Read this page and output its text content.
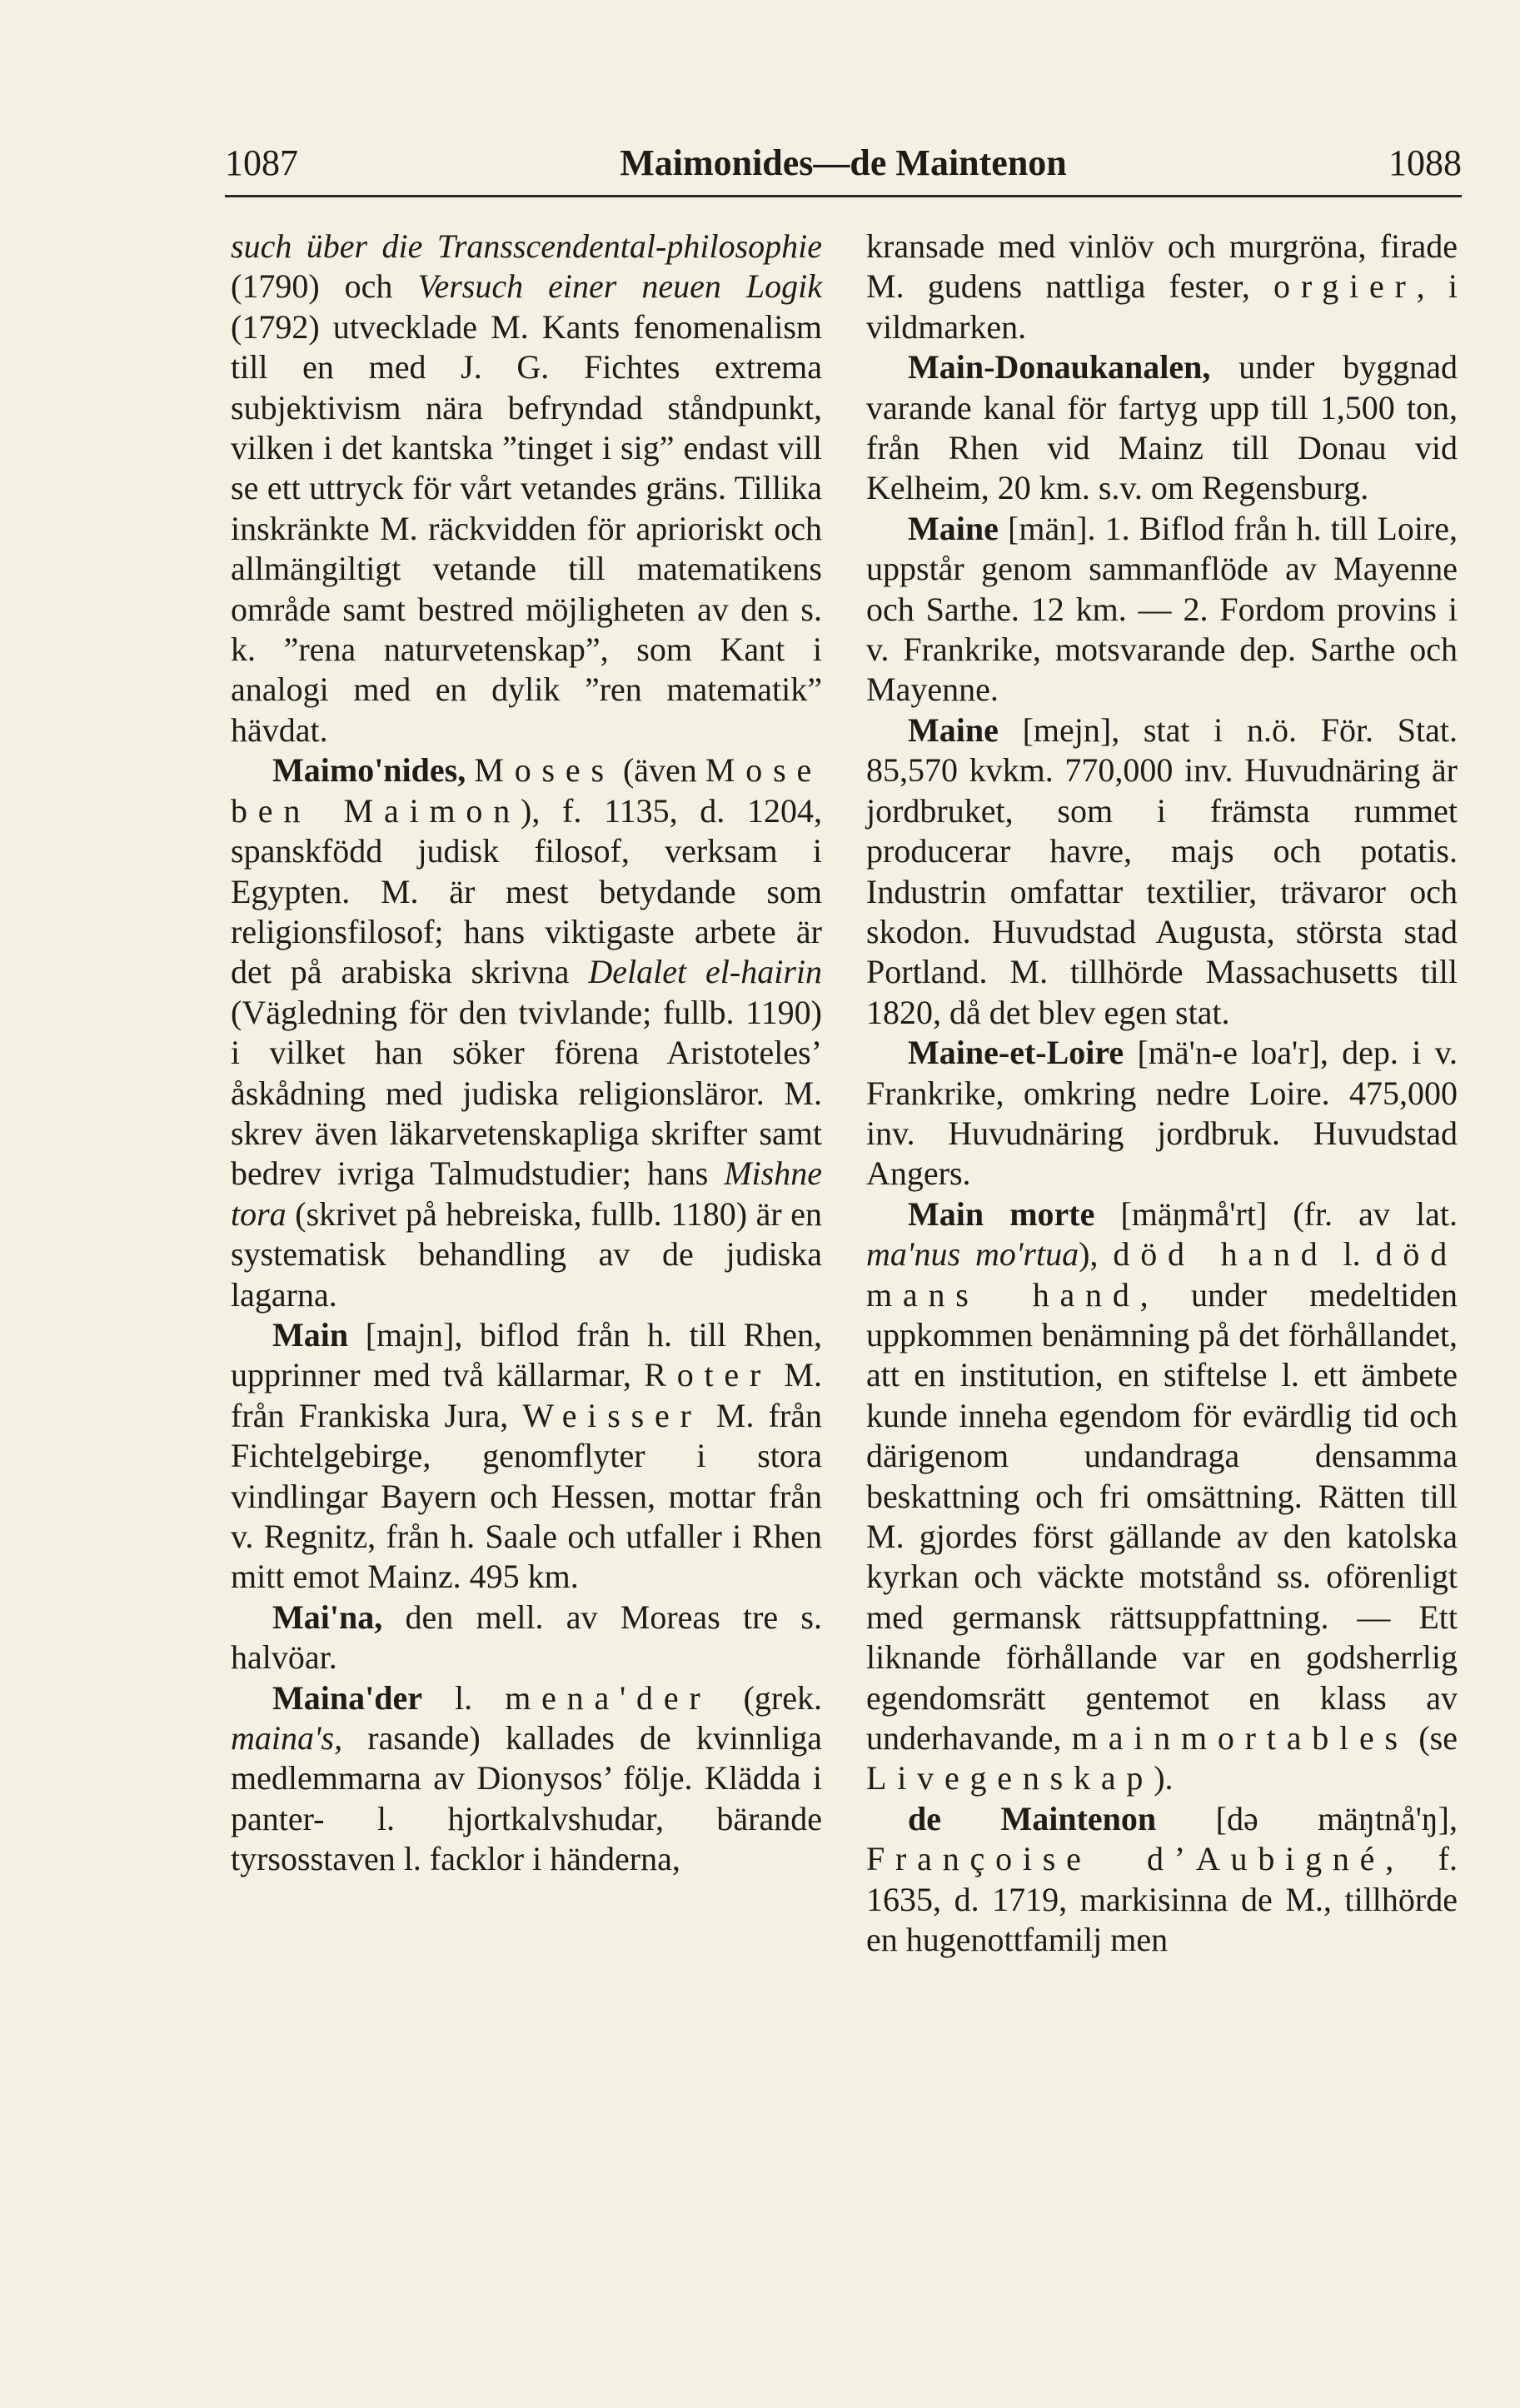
1087	Maimonides—de Maintenon	1088

such über die Transscendental-philosophie (1790) och Versuch einer neuen Logik (1792) utvecklade M. Kants fenomenalism till en med J. G. Fichtes extrema subjektivism nära befryndad ståndpunkt, vilken i det kantska ”tinget i sig” endast vill se ett uttryck för vårt vetandes gräns. Tillika inskränkte M. räckvidden för aprioriskt och allmängiltigt vetande till matematikens område samt bestred möjligheten av den s. k. ”rena naturvetenskap”, som Kant i analogi med en dylik ”ren matematik” hävdat.

Maimo'nides, Moses (även Mose ben Maimon), f. 1135, d. 1204, spanskfödd judisk filosof, verksam i Egypten. M. är mest betydande som religionsfilosof; hans viktigaste arbete är det på arabiska skrivna Delalet el-hairin (Vägledning för den tvivlande; fullb. 1190) i vilket han söker förena Aristoteles’ åskådning med judiska religionsläror. M. skrev även läkarvetenskapliga skrifter samt bedrev ivriga Talmudstudier; hans Mishne tora (skrivet på hebreiska, fullb. 1180) är en systematisk behandling av de judiska lagarna.

Main [majn], biflod från h. till Rhen, upprinner med två källarmar, Roter M. från Frankiska Jura, Weisser M. från Fichtelgebirge, genomflyter i stora vindlingar Bayern och Hessen, mottar från v. Regnitz, från h. Saale och utfaller i Rhen mitt emot Mainz. 495 km.

Mai'na, den mell. av Moreas tre s. halvöar.

Maina'der l. mena'der (grek. maina's, rasande) kallades de kvinnliga medlemmarna av Dionysos’ följe. Klädda i panter- l. hjortkalvshudar, bärande tyrsosstaven l. facklor i händerna,

kransade med vinlöv och murgröna, firade M. gudens nattliga fester, orgier, i vildmarken.

Main-Donaukanalen, under byggnad varande kanal för fartyg upp till 1,500 ton, från Rhen vid Mainz till Donau vid Kelheim, 20 km. s.v. om Regensburg.

Maine [män]. 1. Biflod från h. till Loire, uppstår genom sammanflöde av Mayenne och Sarthe. 12 km. — 2. Fordom provins i v. Frankrike, motsvarande dep. Sarthe och Mayenne.

Maine [mejn], stat i n.ö. För. Stat. 85,570 kvkm. 770,000 inv. Huvudnäring är jordbruket, som i främsta rummet producerar havre, majs och potatis. Industrin omfattar textilier, trävaror och skodon. Huvudstad Augusta, största stad Portland. M. tillhörde Massachusetts till 1820, då det blev egen stat.

Maine-et-Loire [mä'n-e loa'r], dep. i v. Frankrike, omkring nedre Loire. 475,000 inv. Huvudnäring jordbruk. Huvudstad Angers.

Main morte [mäŋmå'rt] (fr. av lat. ma'nus mo'rtua), död hand l. död mans hand, under medeltiden uppkommen benämning på det förhållandet, att en institution, en stiftelse l. ett ämbete kunde inneha egendom för evärdlig tid och därigenom undandraga densamma beskattning och fri omsättning. Rätten till M. gjordes först gällande av den katolska kyrkan och väckte motstånd ss. oförenligt med germansk rättsuppfattning. — Ett liknande förhållande var en godsherrlig egendomsrätt gentemot en klass av underhavande, mainmortables (se Livegenskap).

de Maintenon [də mäŋtnå'ŋ], Françoise d’Aubigné, f. 1635, d. 1719, markisinna de M., tillhörde en hugenottfamilj men
